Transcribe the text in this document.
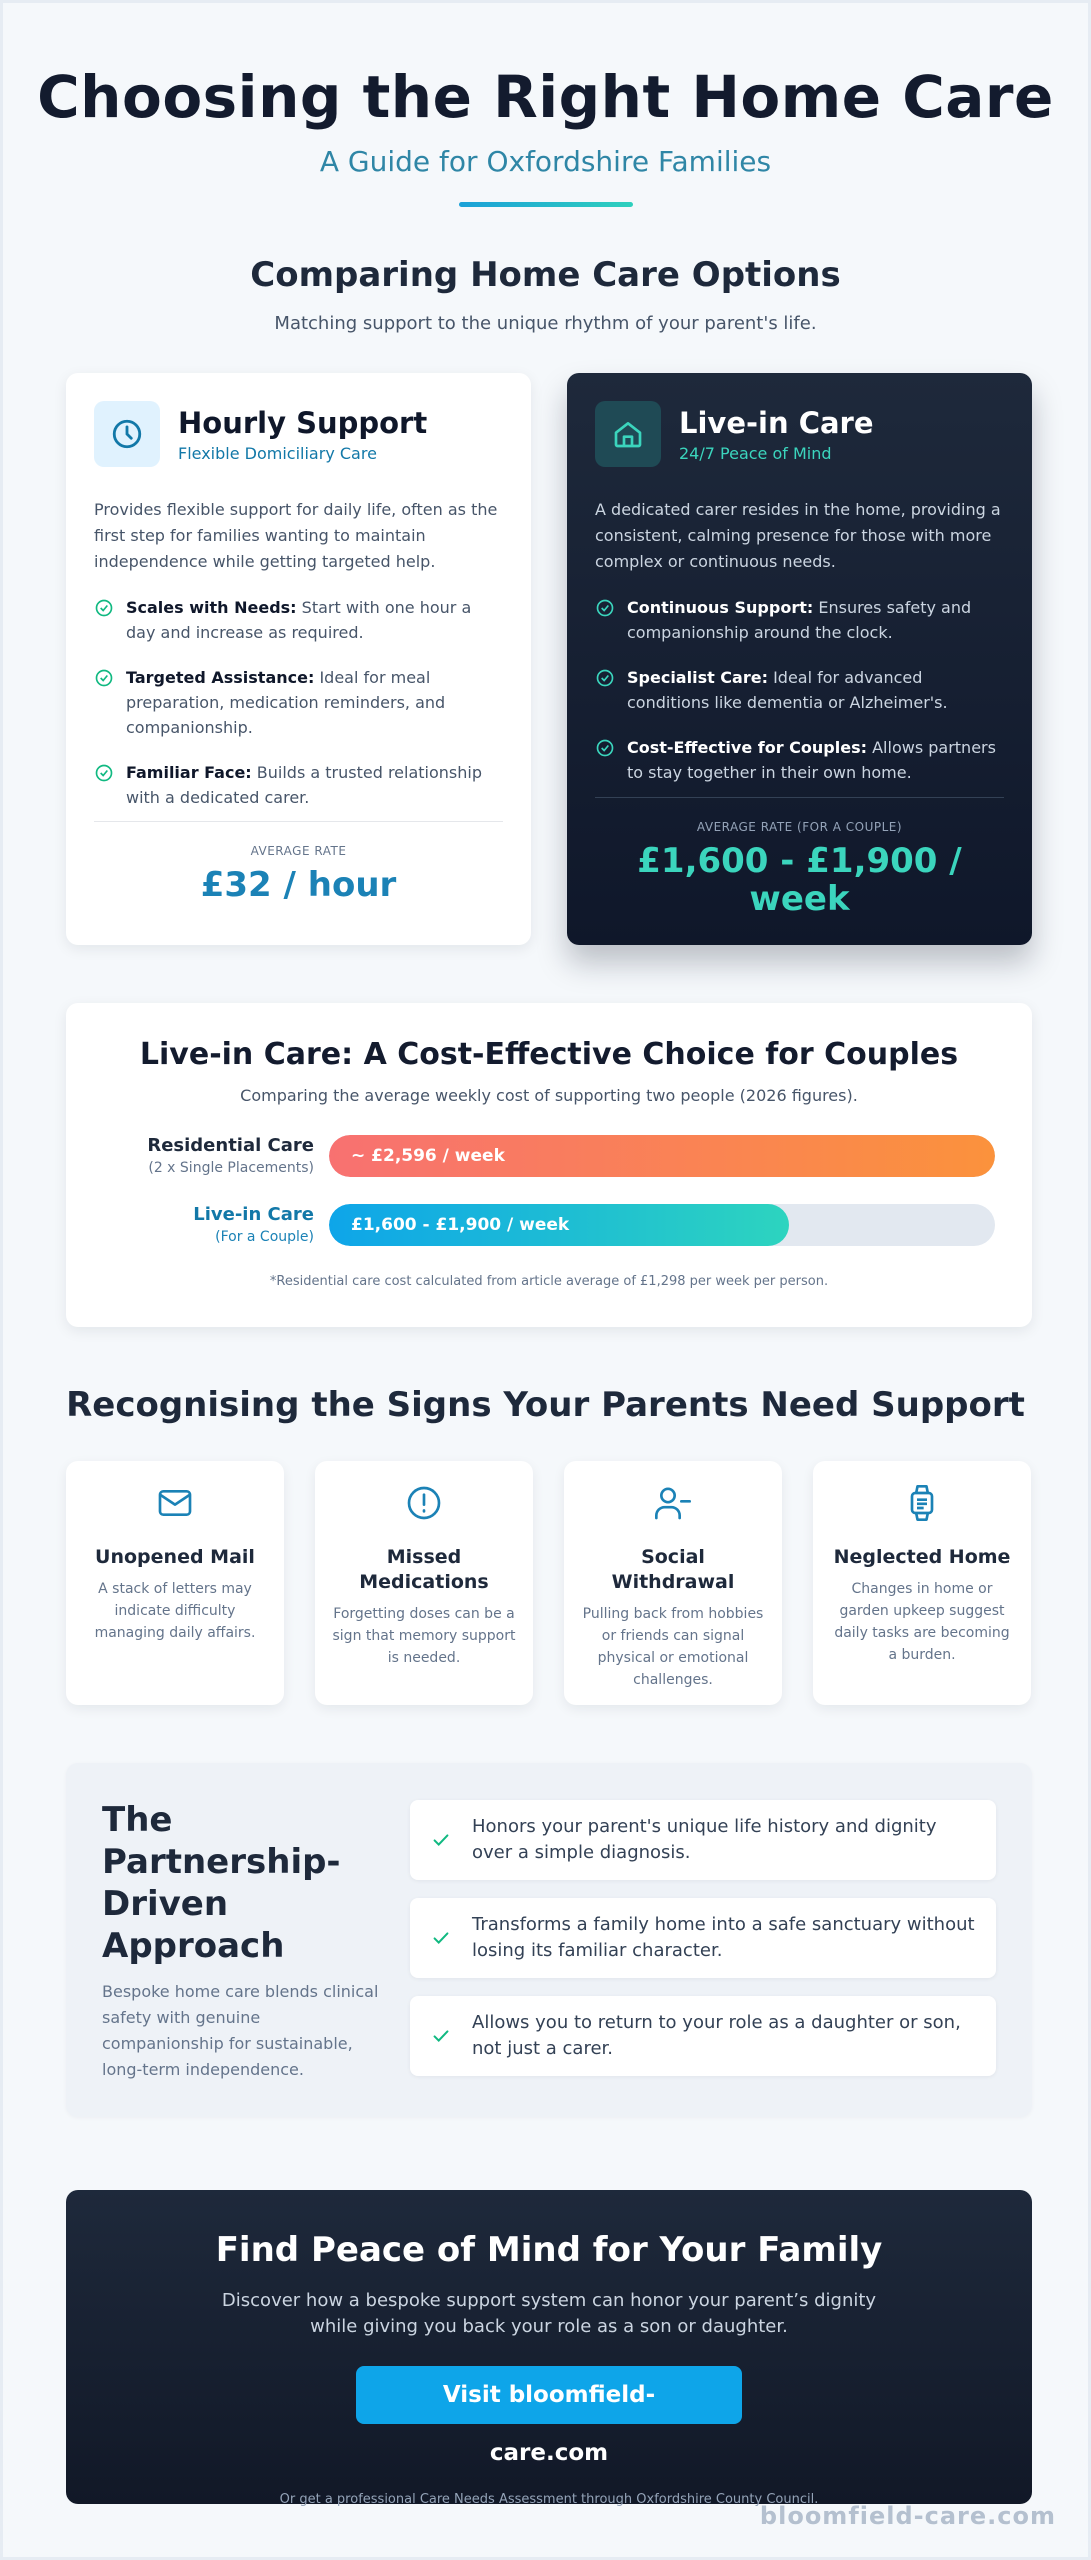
Choosing the Right Home Care
A Guide for Oxfordshire Families
Comparing Home Care Options
Matching support to the unique rhythm of your parent's life.
Hourly Support
Flexible Domiciliary Care
Provides flexible support for daily life, often as the first step for families wanting to maintain independence while getting targeted help.
Scales with Needs: Start with one hour a day and increase as required.
Targeted Assistance: Ideal for meal preparation, medication reminders, and companionship.
Familiar Face: Builds a trusted relationship with a dedicated carer.
AVERAGE RATE
£32 / hour
Live-in Care
24/7 Peace of Mind
A dedicated carer resides in the home, providing a consistent, calming presence for those with more complex or continuous needs.
Continuous Support: Ensures safety and companionship around the clock.
Specialist Care: Ideal for advanced conditions like dementia or Alzheimer's.
Cost-Effective for Couples: Allows partners to stay together in their own home.
AVERAGE RATE (FOR A COUPLE)
£1,600 - £1,900 / week
Live-in Care: A Cost-Effective Choice for Couples
Comparing the average weekly cost of supporting two people (2026 figures).
Residential Care
(2 x Single Placements)
~ £2,596 / week
Live-in Care
(For a Couple)
£1,600 - £1,900 / week
*Residential care cost calculated from article average of £1,298 per week per person.
Recognising the Signs Your Parents Need Support
Unopened Mail
A stack of letters may indicate difficulty managing daily affairs.
Missed Medications
Forgetting doses can be a sign that memory support is needed.
Social Withdrawal
Pulling back from hobbies or friends can signal physical or emotional challenges.
Neglected Home
Changes in home or garden upkeep suggest daily tasks are becoming a burden.
The Partnership-Driven Approach
Bespoke home care blends clinical safety with genuine companionship for sustainable, long-term independence.
Honors your parent's unique life history and dignity over a simple diagnosis.
Transforms a family home into a safe sanctuary without losing its familiar character.
Allows you to return to your role as a daughter or son, not just a carer.
Find Peace of Mind for Your Family
Discover how a bespoke support system can honor your parent’s dignity while giving you back your role as a son or daughter.
Visit bloomfield-care.com
Or get a professional Care Needs Assessment through Oxfordshire County Council.
bloomfield-care.com
